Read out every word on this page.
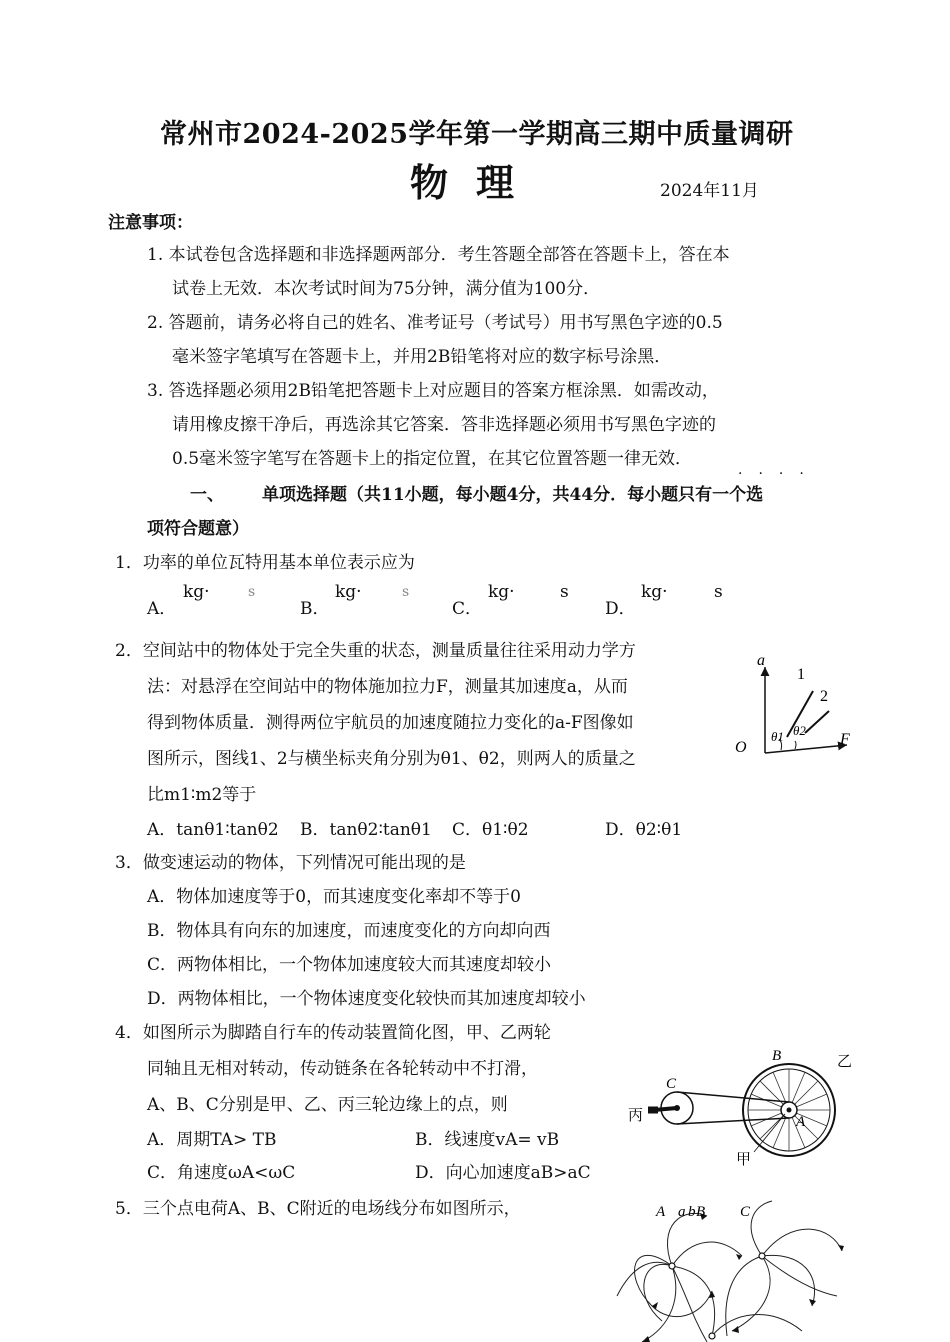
常州市2024-2025学年第一学期高三期中质量调研
物理	2024年11月
注意事项：
1. 本试卷包含选择题和非选择题两部分．考生答题全部答在答题卡上，答在本
试卷上无效．本次考试时间为75分钟，满分值为100分．
2. 答题前，请务必将自己的姓名、准考证号（考试号）用书写黑色字迹的0.5
毫米签字笔填写在答题卡上，并用2B铅笔将对应的数字标号涂黑．
3. 答选择题必须用2B铅笔把答题卡上对应题目的答案方框涂黑．如需改动，
请用橡皮擦干净后，再选涂其它答案．答非选择题必须用书写黑色字迹的
0.5毫米签字笔写在答题卡上的指定位置，在其它位置答题一律无效．
一、 单项选择题（共11小题，每小题4分，共44分．每小题只有一个选
····
项符合题意）
1．功率的单位瓦特用基本单位表示应为
A．
kg·	s
B．
kg·	s
C．
kg·	s
D．
kg·	s
2．空间站中的物体处于完全失重的状态，测量质量往往采用动力学方
法：对悬浮在空间站中的物体施加拉力F，测量其加速度a，从而
得到物体质量．测得两位宇航员的加速度随拉力变化的a-F图像如
图所示，图线1、2与横坐标夹角分别为θ1、θ2，则两人的质量之
比m1∶m2等于
A．tanθ1∶tanθ2 B．tanθ2∶tanθ1 C．θ1∶θ2	D．θ2∶θ1
a
F
O
1
2
θ1 θ2
3．做变速运动的物体，下列情况可能出现的是
A．物体加速度等于0，而其速度变化率却不等于0
B．物体具有向东的加速度，而速度变化的方向却向西
C．两物体相比，一个物体加速度较大而其速度却较小
D．两物体相比，一个物体速度变化较快而其加速度却较小
4．如图所示为脚踏自行车的传动装置简化图，甲、乙两轮
同轴且无相对转动，传动链条在各轮转动中不打滑，
A、B、C分别是甲、乙、丙三轮边缘上的点，则
A．周期TA> TB	B．线速度vA= vB
C．角速度ωA<ωC	D．向心加速度aB>aC
B
C
A
乙
丙
甲
5．三个点电荷A、B、C附近的电场线分布如图所示，	A a b B C
